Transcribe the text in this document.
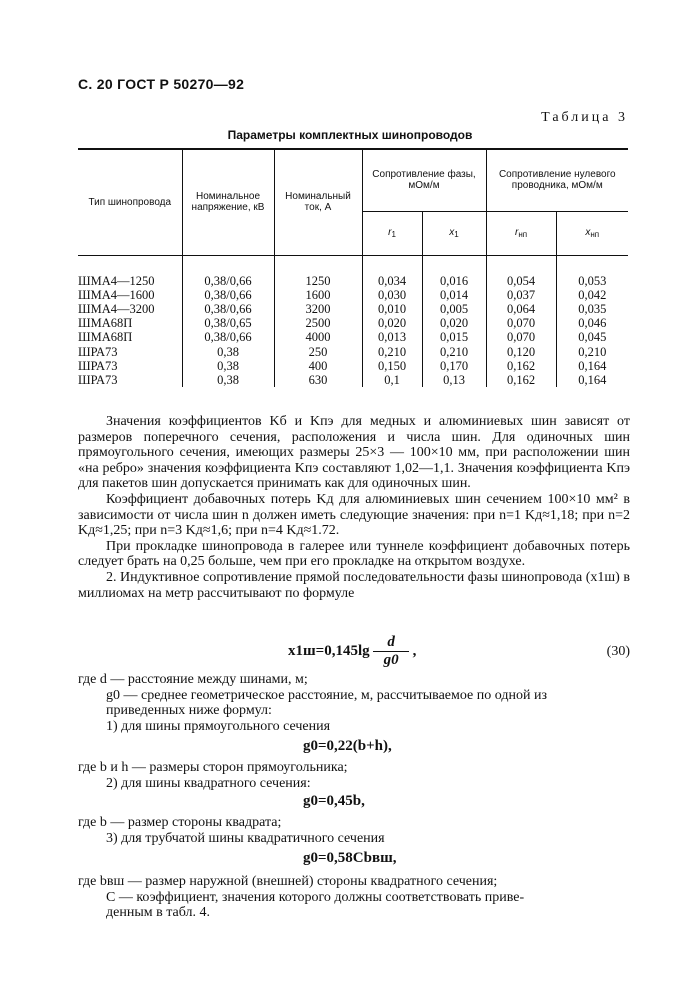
С. 20 ГОСТ Р 50270—92
Таблица 3
Параметры комплектных шинопроводов
Тип шинопровода	Номинальное напряжение, кВ	Номинальный ток, А	Сопротивление фазы, мОм/м		Сопротивление нулевого проводника, мОм/м	
			$r_1$	$x_1$	$r_{нп}$	$x_{нп}$
ШМА4—1250	0,38/0,66	1250	0,034	0,016	0,054	0,053
ШМА4—1600	0,38/0,66	1600	0,030	0,014	0,037	0,042
ШМА4—3200	0,38/0,66	3200	0,010	0,005	0,064	0,035
ШМА68П	0,38/0,65	2500	0,020	0,020	0,070	0,046
ШМА68П	0,38/0,66	4000	0,013	0,015	0,070	0,045
ШРА73	0,38	250	0,210	0,210	0,120	0,210
ШРА73	0,38	400	0,150	0,170	0,162	0,164
ШРА73	0,38	630	0,1	0,13	0,162	0,164

Значения коэффициентов Kб и Kпэ для медных и алюминиевых шин зависят от размеров поперечного сечения, расположения и числа шин. Для одиночных шин прямоугольного сечения, имеющих размеры 25×3 — 100×10 мм, при расположении шин «на ребро» значения коэффициента Kпэ составляют 1,02—1,1. Значения коэффициента Kпэ для пакетов шин допускается принимать как для одиночных шин.

Коэффициент добавочных потерь Kд для алюминиевых шин сечением 100×10 мм² в зависимости от числа шин n должен иметь следующие значения: при n=1 Kд≈1,18; при n=2 Kд≈1,25; при n=3 Kд≈1,6; при n=4 Kд≈1.72.

При прокладке шинопровода в галерее или туннеле коэффициент добавочных потерь следует брать на 0,25 больше, чем при его прокладке на открытом воздухе.

2. Индуктивное сопротивление прямой последовательности фазы шинопровода (x1ш) в миллиомах на метр рассчитывают по формуле

$x1ш=0,145\lg \frac{d}{g0}$ ,	(30)
где d — расстояние между шинами, м;
g0 — среднее геометрическое расстояние, м, рассчитываемое по одной из
приведенных ниже формул:
1) для шины прямоугольного сечения
g0=0,22(b+h),
где b и h — размеры сторон прямоугольника;
2) для шины квадратного сечения:
g0=0,45b,
где b — размер стороны квадрата;
3) для трубчатой шины квадратичного сечения
g0=0,58Cbвш,
где bвш — размер наружной (внешней) стороны квадратного сечения;
C — коэффициент, значения которого должны соответствовать приве-
денным в табл. 4.
